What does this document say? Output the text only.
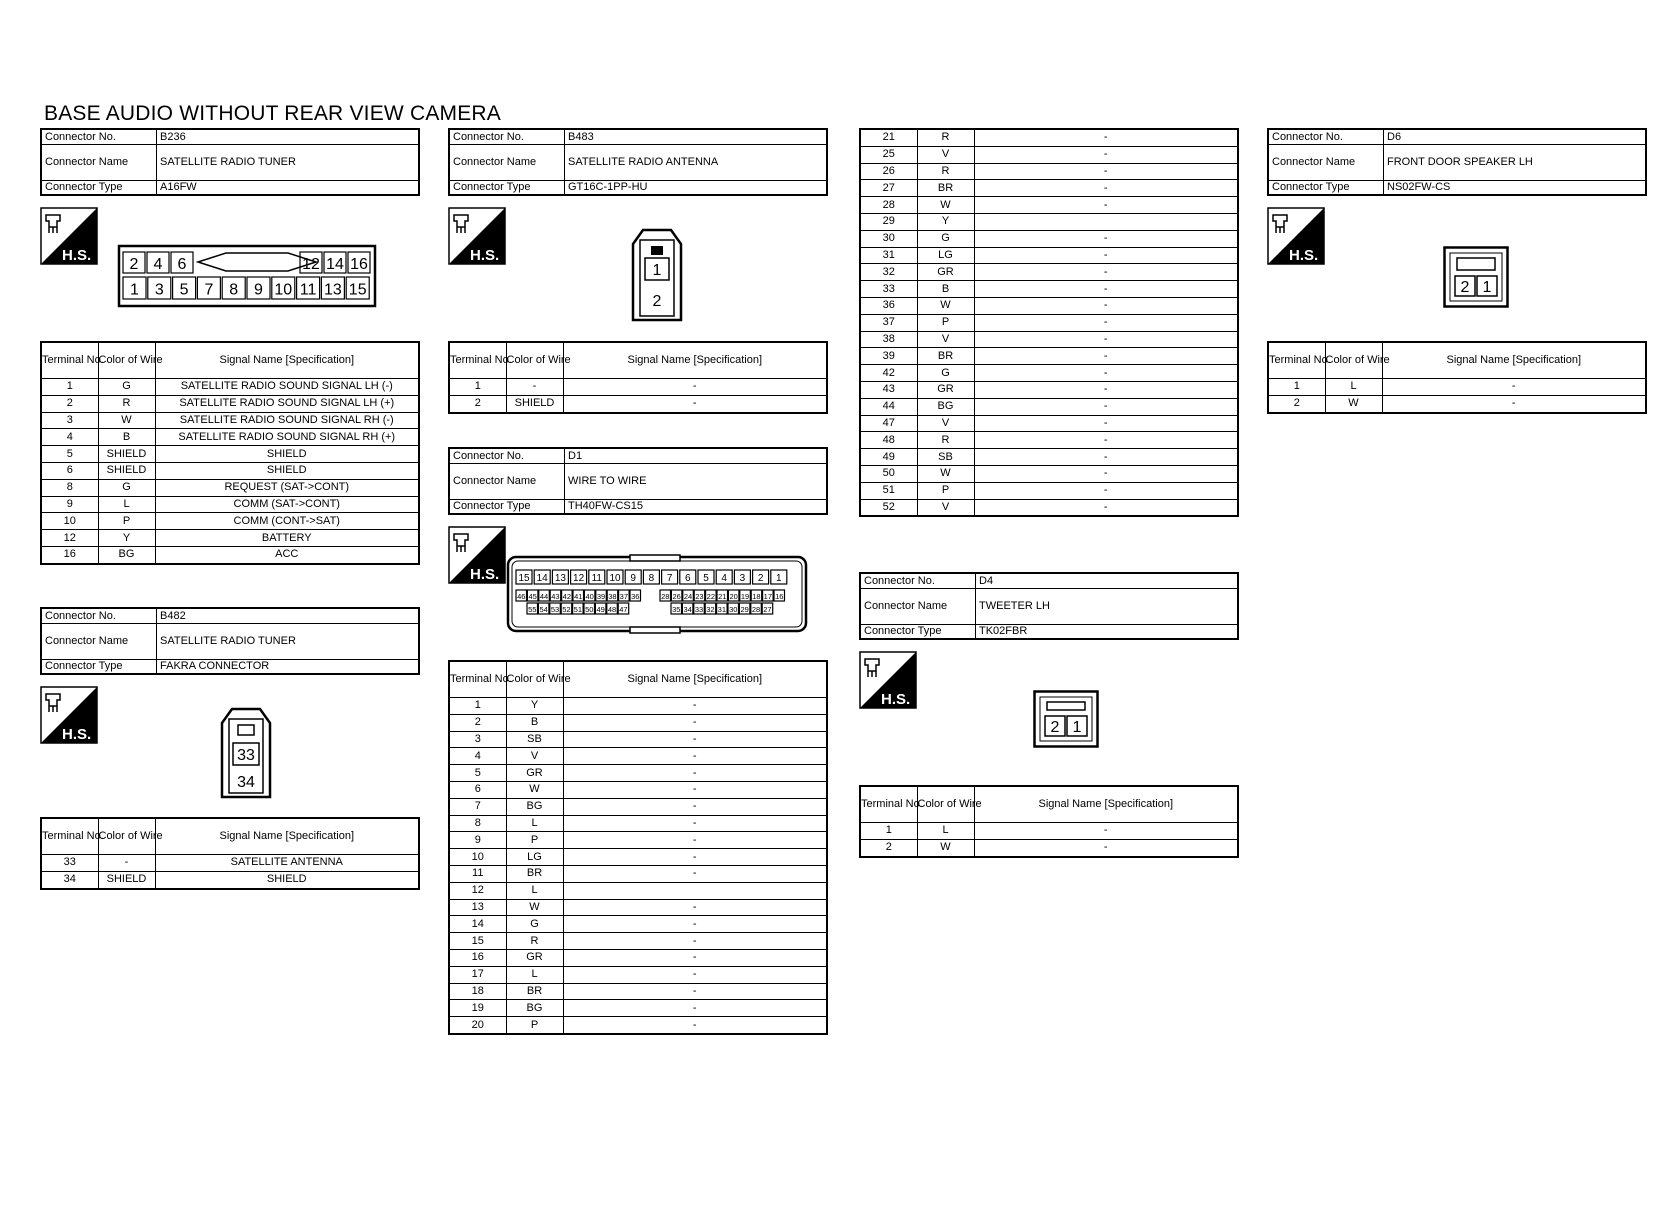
BASE AUDIO WITHOUT REAR VIEW CAMERA
Connector No.	B236
Connector Name	SATELLITE RADIO TUNER
Connector Type	A16FW
H.S.
2 4 6	12 14 16
1 3 5 7 8 9 10 11 13 15
Terminal No.	Color of Wire	Signal Name [Specification]
1	G	SATELLITE RADIO SOUND SIGNAL LH (-)
2	R	SATELLITE RADIO SOUND SIGNAL LH (+)
3	W	SATELLITE RADIO SOUND SIGNAL RH (-)
4	B	SATELLITE RADIO SOUND SIGNAL RH (+)
5	SHIELD	SHIELD
6	SHIELD	SHIELD
8	G	REQUEST (SAT->CONT)
9	L	COMM (SAT->CONT)
10	P	COMM (CONT->SAT)
12	Y	BATTERY
16	BG	ACC
Connector No.	B482
Connector Name	SATELLITE RADIO TUNER
Connector Type	FAKRA CONNECTOR
H.S.
33
34
Terminal No.	Color of Wire	Signal Name [Specification]
33	-	SATELLITE ANTENNA
34	SHIELD	SHIELD
Connector No.	B483
Connector Name	SATELLITE RADIO ANTENNA
Connector Type	GT16C-1PP-HU
H.S.
1
2
Terminal No.	Color of Wire	Signal Name [Specification]
1	-	-
2	SHIELD	-
Connector No.	D1
Connector Name	WIRE TO WIRE
Connector Type	TH40FW-CS15
H.S. 15 14 13 12 11 10 9 8 7 6 5 4 3 2 1
46 45 44 43 42 41 40 39 38 37 36	28 26 24 23 22 21 20 19 18 17 16
55 54 53 52 51 50 49 48 47	35 34 33 32 31 30 29 28 27
Terminal No.	Color of Wire	Signal Name [Specification]
1	Y	-
2	B	-
3	SB	-
4	V	-
5	GR	-
6	W	-
7	BG	-
8	L	-
9	P	-
10	LG	-
11	BR	-
12	L	
13	W	-
14	G	-
15	R	-
16	GR	-
17	L	-
18	BR	-
19	BG	-
20	P	-
21	R	-
25	V	-
26	R	-
27	BR	-
28	W	-
29	Y	
30	G	-
31	LG	-
32	GR	-
33	B	-
36	W	-
37	P	-
38	V	-
39	BR	-
42	G	-
43	GR	-
44	BG	-
47	V	-
48	R	-
49	SB	-
50	W	-
51	P	-
52	V	-
Connector No.	D4
Connector Name	TWEETER LH
Connector Type	TK02FBR
H.S.
2 1
Terminal No.	Color of Wire	Signal Name [Specification]
1	L	-
2	W	-
Connector No.	D6
Connector Name	FRONT DOOR SPEAKER LH
Connector Type	NS02FW-CS
H.S.
2 1
Terminal No.	Color of Wire	Signal Name [Specification]
1	L	-
2	W	-
